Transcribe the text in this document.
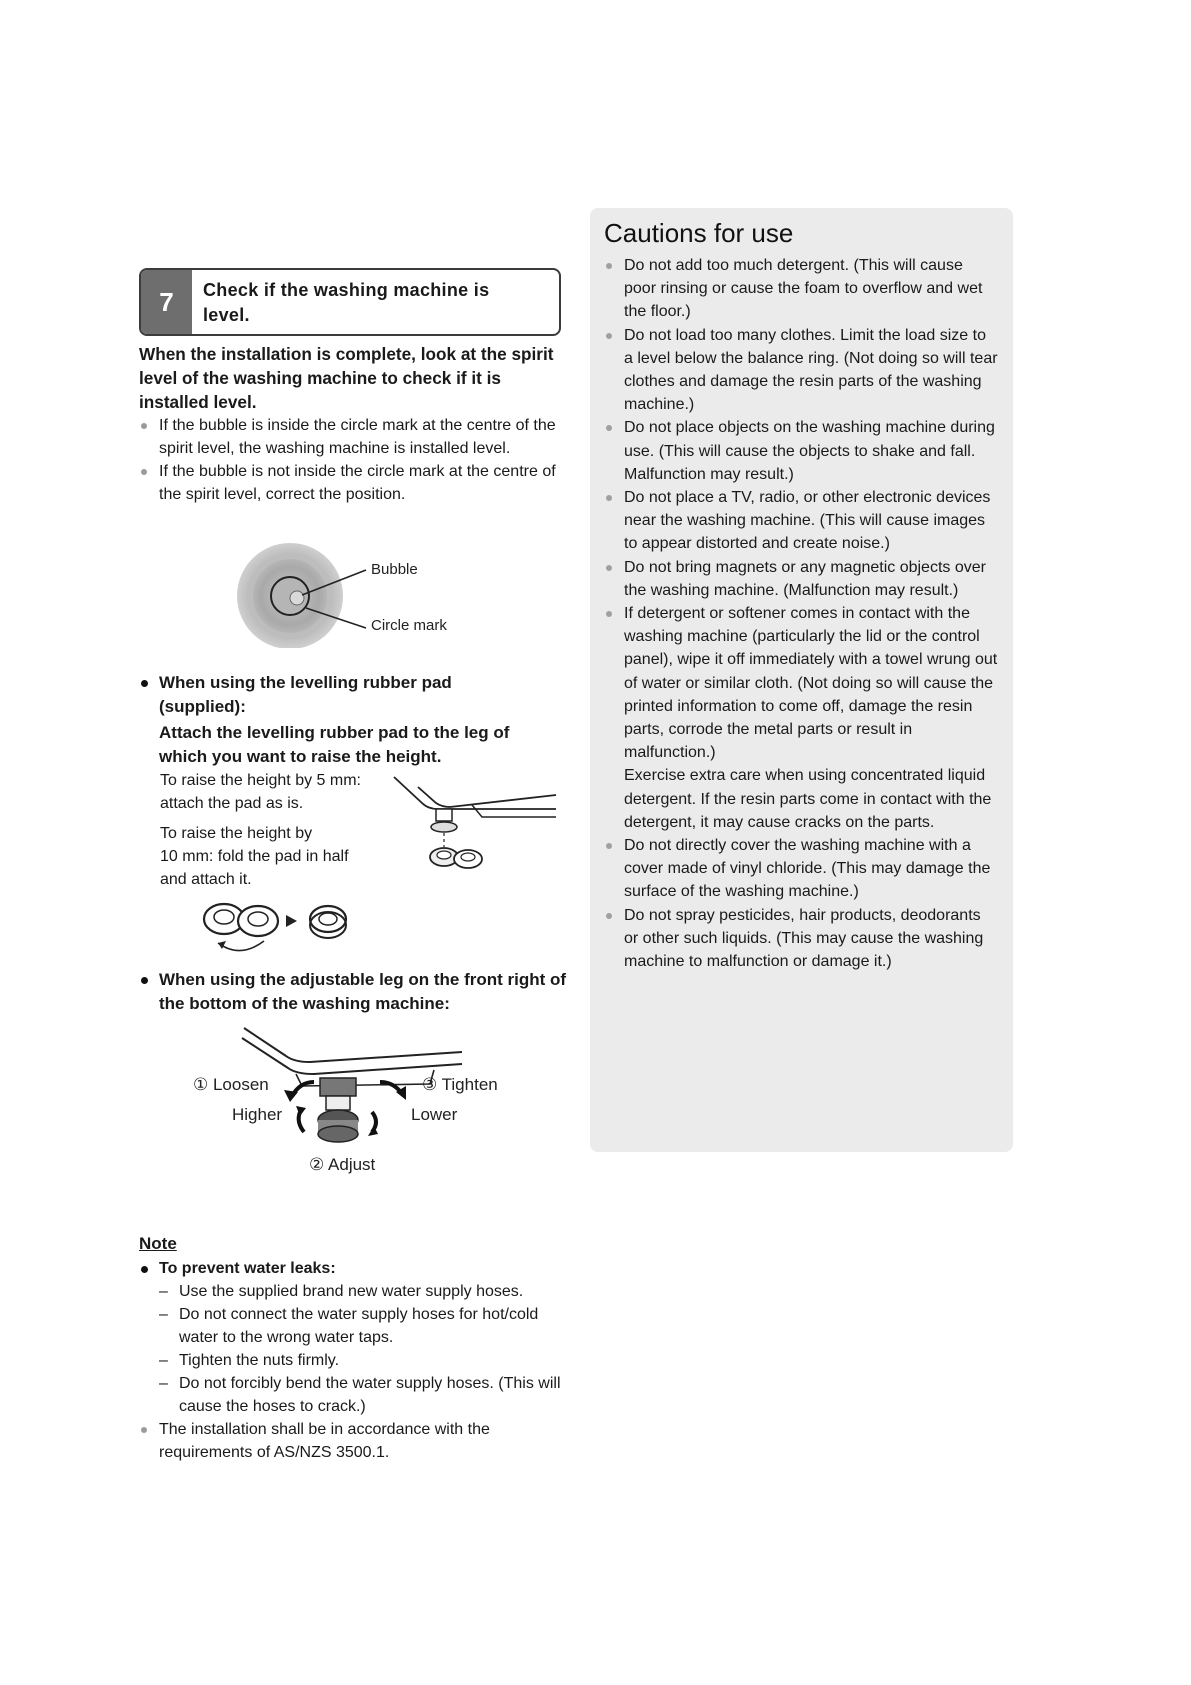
7	Check if the washing machine is
level.
When the installation is complete, look at the spirit level of the washing machine to check if it is installed level.
If the bubble is inside the circle mark at the centre of the spirit level, the washing machine is installed level.
If the bubble is not inside the circle mark at the centre of the spirit level, correct the position.
Bubble
Circle mark
When using the levelling rubber pad
(supplied):
Attach the levelling rubber pad to the leg of which you want to raise the height.
To raise the height by 5 mm:
attach the pad as is.
To raise the height by
10 mm: fold the pad in half
and attach it.
When using the adjustable leg on the front right of the bottom of the washing machine:
① Loosen	③ Tighten
Higher	Lower
② Adjust
Note
To prevent water leaks:
– Use the supplied brand new water supply hoses.
– Do not connect the water supply hoses for hot/cold water to the wrong water taps.
– Tighten the nuts firmly.
– Do not forcibly bend the water supply hoses. (This will cause the hoses to crack.)
The installation shall be in accordance with the requirements of AS/NZS 3500.1.
Cautions for use
Do not add too much detergent. (This will cause poor rinsing or cause the foam to overflow and wet the floor.)
Do not load too many clothes. Limit the load size to a level below the balance ring. (Not doing so will tear clothes and damage the resin parts of the washing machine.)
Do not place objects on the washing machine during use. (This will cause the objects to shake and fall. Malfunction may result.)
Do not place a TV, radio, or other electronic devices near the washing machine. (This will cause images to appear distorted and create noise.)
Do not bring magnets or any magnetic objects over the washing machine. (Malfunction may result.)
If detergent or softener comes in contact with the washing machine (particularly the lid or the control panel), wipe it off immediately with a towel wrung out of water or similar cloth. (Not doing so will cause the printed information to come off, damage the resin parts, corrode the metal parts or result in malfunction.)
Exercise extra care when using concentrated liquid detergent. If the resin parts come in contact with the detergent, it may cause cracks on the parts.
Do not directly cover the washing machine with a cover made of vinyl chloride. (This may damage the surface of the washing machine.)
Do not spray pesticides, hair products, deodorants or other such liquids. (This may cause the washing machine to malfunction or damage it.)
